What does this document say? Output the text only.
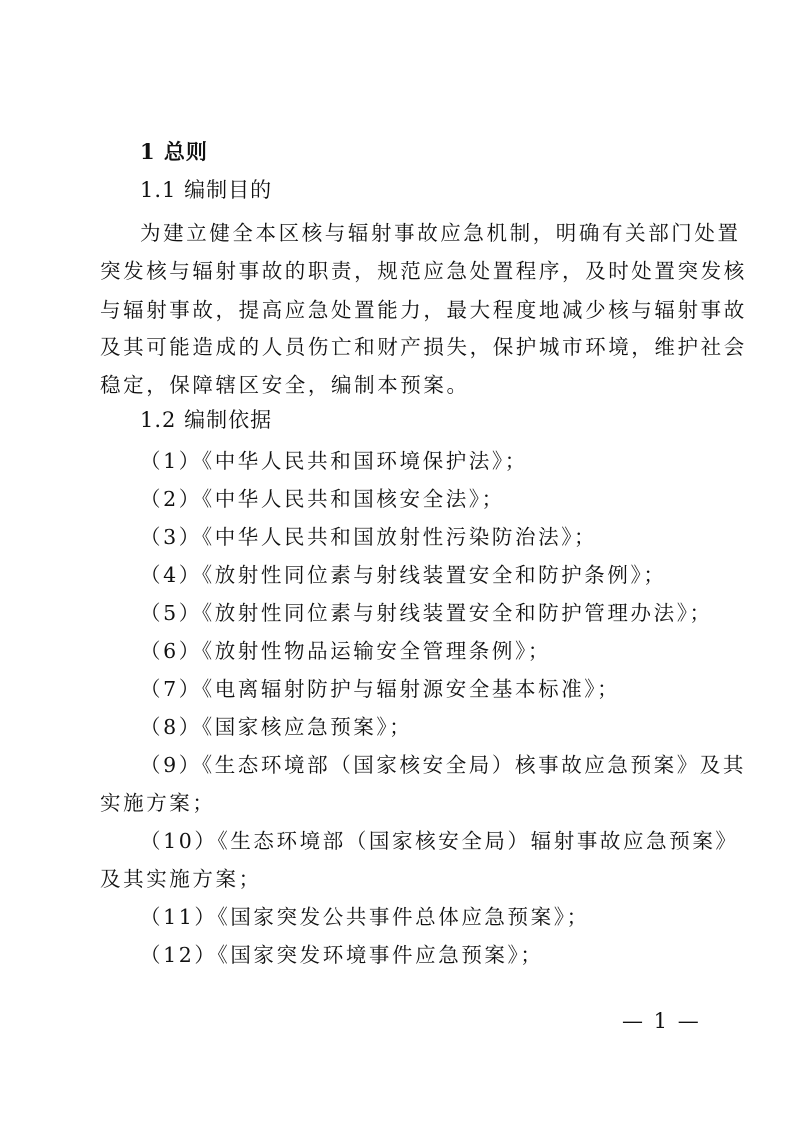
1 总则
1.1 编制目的
为建立健全本区核与辐射事故应急机制，明确有关部门处置
突发核与辐射事故的职责，规范应急处置程序，及时处置突发核
与辐射事故，提高应急处置能力，最大程度地减少核与辐射事故
及其可能造成的人员伤亡和财产损失，保护城市环境，维护社会
稳定，保障辖区安全，编制本预案。
1.2 编制依据
（1）《中华人民共和国环境保护法》；
（2）《中华人民共和国核安全法》；
（3）《中华人民共和国放射性污染防治法》；
（4）《放射性同位素与射线装置安全和防护条例》；
（5）《放射性同位素与射线装置安全和防护管理办法》；
（6）《放射性物品运输安全管理条例》；
（7）《电离辐射防护与辐射源安全基本标准》；
（8）《国家核应急预案》；
（9）《生态环境部（国家核安全局）核事故应急预案》及其
实施方案；
（10）《生态环境部（国家核安全局）辐射事故应急预案》
及其实施方案；
（11）《国家突发公共事件总体应急预案》；
（12）《国家突发环境事件应急预案》；
— 1 —
